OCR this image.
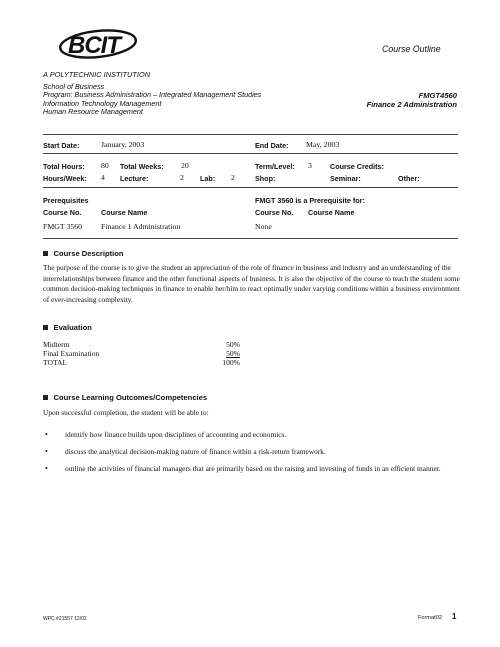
BCIT
A POLYTECHNIC INSTITUTION
Course Outline
School of Business
Program: Business Administration – Integrated Management Studies
Information Technology Management
Human Resource Management
FMGT4560
Finance 2 Administration
Start Date:	January, 2003	End Date: May, 2003
Total Hours: 80 Total Weeks: 20	Term/Level: 3	Course Credits:
Hours/Week: 4 Lecture:	2 Lab: 2	Shop:	Seminar:	Other:
Prerequisites
Course No.	Course Name
FMGT 3560 Finance 1 Administration
FMGT 3560 is a Prerequisite for:
Course No. Course Name
None
Course Description
The purpose of the course is to give the student an appreciation of the role of finance in business and industry and an understanding of the interrelationships between finance and the other functional aspects of business. It is also the objective of the course to teach the student some common decision-making techniques in finance to enable her/him to react optimally under varying conditions within a business environment of ever-increasing complexity.
Evaluation
Midterm	50%
Final Examination	50%
TOTAL	100%
Course Learning Outcomes/Competencies
Upon successful completion, the student will be able to:
•	identify how finance builds upon disciplines of accounting and economics.
•	discuss the analytical decision-making nature of finance within a risk-return framework.
•	outline the activities of financial managers that are primarily based on the raising and investing of funds in an efficient manner.
WPC #21557 12/02	Format02 1
